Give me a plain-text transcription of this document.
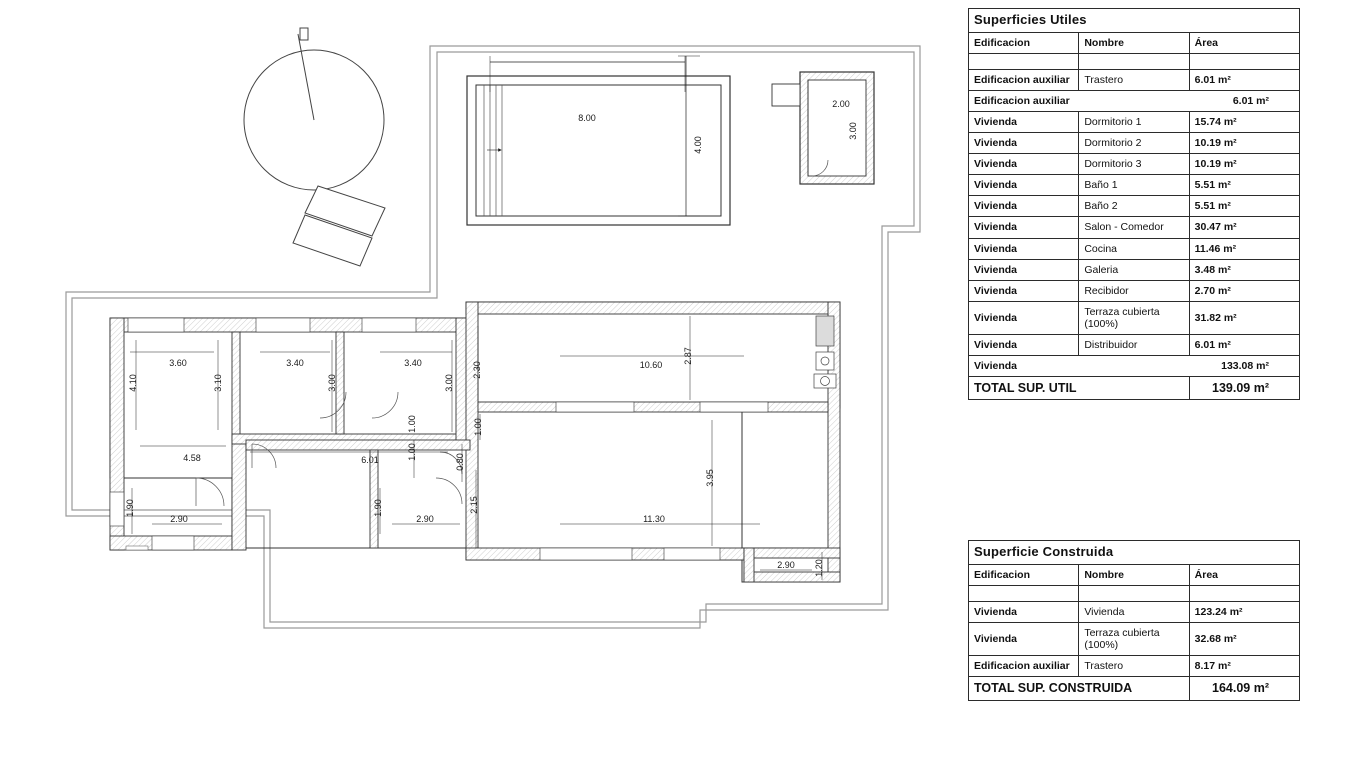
8.00
4.00
2.00
3.00
3.60	3.40	3.40
4.10	3.10	3.00	3.00
4.58	6.01
1.90
2.90
1.90
2.90
2.30
1.00
1.00
0.80
2.15
10.60
2.87
3.95
11.30
2.90 1.20
1.00
Superficies Utiles		
Edificacion	Nombre	Área

Edificacion auxiliar	Trastero	6.01 m²
Edificacion auxiliar		6.01 m²
Vivienda	Dormitorio 1	15.74 m²
Vivienda	Dormitorio 2	10.19 m²
Vivienda	Dormitorio 3	10.19 m²
Vivienda	Baño 1	5.51 m²
Vivienda	Baño 2	5.51 m²
Vivienda	Salon - Comedor	30.47 m²
Vivienda	Cocina	11.46 m²
Vivienda	Galeria	3.48 m²
Vivienda	Recibidor	2.70 m²
Vivienda	Terraza cubierta (100%)	31.82 m²
Vivienda	Distribuidor	6.01 m²
Vivienda		133.08 m²
TOTAL SUP. UTIL		139.09 m²
Superficie Construida		
Edificacion	Nombre	Área

Vivienda	Vivienda	123.24 m²
Vivienda	Terraza cubierta (100%)	32.68 m²
Edificacion auxiliar	Trastero	8.17 m²
TOTAL SUP. CONSTRUIDA		164.09 m²
